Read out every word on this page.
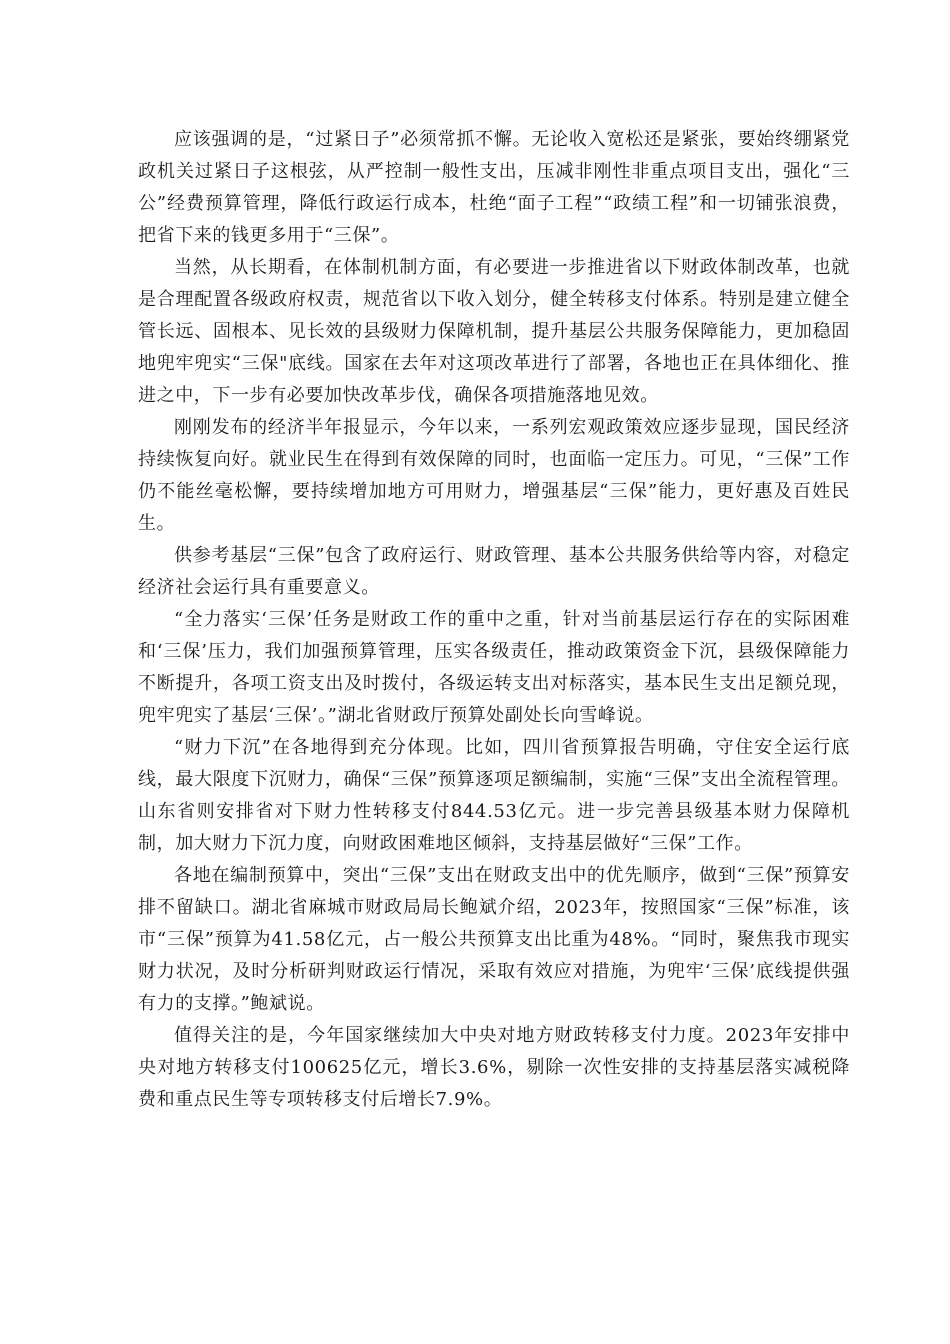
应该强调的是，“过紧日子”必须常抓不懈。无论收入宽松还是紧张，要始终绷紧党政机关过紧日子这根弦，从严控制一般性支出，压减非刚性非重点项目支出，强化“三公”经费预算管理，降低行政运行成本，杜绝“面子工程”“政绩工程”和一切铺张浪费，把省下来的钱更多用于“三保”。

当然，从长期看，在体制机制方面，有必要进一步推进省以下财政体制改革，也就是合理配置各级政府权责，规范省以下收入划分，健全转移支付体系。特别是建立健全管长远、固根本、见长效的县级财力保障机制，提升基层公共服务保障能力，更加稳固地兜牢兜实“三保"底线。国家在去年对这项改革进行了部署，各地也正在具体细化、推进之中，下一步有必要加快改革步伐，确保各项措施落地见效。

刚刚发布的经济半年报显示，今年以来，一系列宏观政策效应逐步显现，国民经济持续恢复向好。就业民生在得到有效保障的同时，也面临一定压力。可见，“三保”工作仍不能丝毫松懈，要持续增加地方可用财力，增强基层“三保”能力，更好惠及百姓民生。

供参考基层“三保”包含了政府运行、财政管理、基本公共服务供给等内容，对稳定经济社会运行具有重要意义。

“全力落实‘三保’任务是财政工作的重中之重，针对当前基层运行存在的实际困难和‘三保’压力，我们加强预算管理，压实各级责任，推动政策资金下沉，县级保障能力不断提升，各项工资支出及时拨付，各级运转支出对标落实，基本民生支出足额兑现，兜牢兜实了基层‘三保’。”湖北省财政厅预算处副处长向雪峰说。

“财力下沉”在各地得到充分体现。比如，四川省预算报告明确，守住安全运行底线，最大限度下沉财力，确保“三保”预算逐项足额编制，实施“三保”支出全流程管理。山东省则安排省对下财力性转移支付844.53亿元。进一步完善县级基本财力保障机制，加大财力下沉力度，向财政困难地区倾斜，支持基层做好“三保”工作。

各地在编制预算中，突出“三保”支出在财政支出中的优先顺序，做到“三保”预算安排不留缺口。湖北省麻城市财政局局长鲍斌介绍，2023年，按照国家“三保”标准，该市“三保”预算为41.58亿元，占一般公共预算支出比重为48%。“同时，聚焦我市现实财力状况，及时分析研判财政运行情况，采取有效应对措施，为兜牢‘三保’底线提供强有力的支撑。”鲍斌说。

值得关注的是，今年国家继续加大中央对地方财政转移支付力度。2023年安排中央对地方转移支付100625亿元，增长3.6%，剔除一次性安排的支持基层落实减税降费和重点民生等专项转移支付后增长7.9%。
